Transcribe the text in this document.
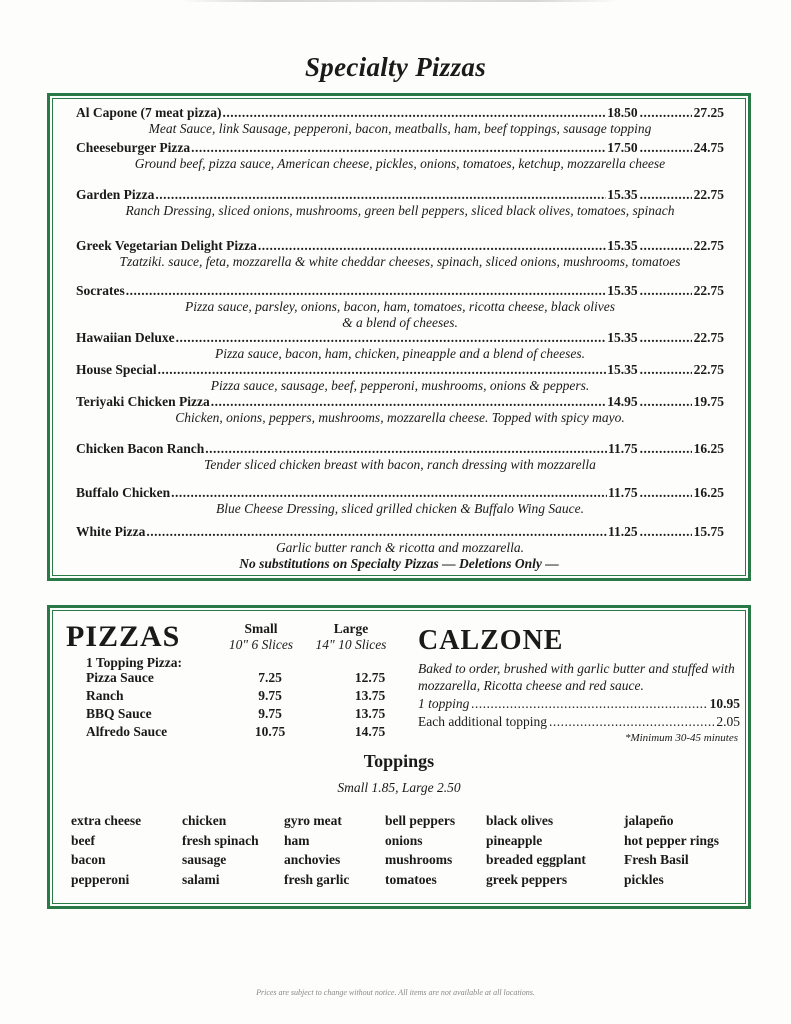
Specialty Pizzas
Al Capone (7 meat pizza) .....	18.50 .....	27.25
Meat Sauce, link Sausage, pepperoni, bacon, meatballs, ham, beef toppings, sausage topping
Cheeseburger Pizza .....	17.50 .....	24.75
Ground beef, pizza sauce, American cheese, pickles, onions, tomatoes, ketchup, mozzarella cheese
Garden Pizza .....	15.35 .....	22.75
Ranch Dressing, sliced onions, mushrooms, green bell peppers, sliced black olives, tomatoes, spinach
Greek Vegetarian Delight Pizza .....	15.35 .....	22.75
Tzatziki. sauce, feta, mozzarella & white cheddar cheeses, spinach, sliced onions, mushrooms, tomatoes
Socrates .....	15.35 .....	22.75
Pizza sauce, parsley, onions, bacon, ham, tomatoes, ricotta cheese, black olives
& a blend of cheeses.
Hawaiian Deluxe .....	15.35 .....	22.75
Pizza sauce, bacon, ham, chicken, pineapple and a blend of cheeses.
House Special .....	15.35 .....	22.75
Pizza sauce, sausage, beef, pepperoni, mushrooms, onions & peppers.
Teriyaki Chicken Pizza .....	14.95 .....	19.75
Chicken, onions, peppers, mushrooms, mozzarella cheese. Topped with spicy mayo.
Chicken Bacon Ranch .....	11.75 .....	16.25
Tender sliced chicken breast with bacon, ranch dressing with mozzarella
Buffalo Chicken .....	11.75 .....	16.25
Blue Cheese Dressing, sliced grilled chicken & Buffalo Wing Sauce.
White Pizza .....	11.25 .....	15.75
Garlic butter ranch & ricotta and mozzarella.
No substitutions on Specialty Pizzas — Deletions Only —
PIZZAS	Small
10" 6 Slices
Large
14" 10 Slices
1 Topping Pizza:
Pizza Sauce	7.25	12.75
Ranch	9.75	13.75
BBQ Sauce	9.75	13.75
Alfredo Sauce	10.75	14.75
CALZONE
Baked to order, brushed with garlic butter and stuffed with mozzarella, Ricotta cheese and red sauce.
1 topping .....	10.95
Each additional topping .....	2.05
*Minimum 30-45 minutes
Toppings
Small 1.85, Large 2.50
extra cheese
beef
bacon
pepperoni
chicken
fresh spinach
sausage
salami
gyro meat
ham
anchovies
fresh garlic
bell peppers
onions
mushrooms
tomatoes
black olives
pineapple
breaded eggplant
greek peppers
jalapeño
hot pepper rings
Fresh Basil
pickles
Prices are subject to change without notice. All items are not available at all locations.
